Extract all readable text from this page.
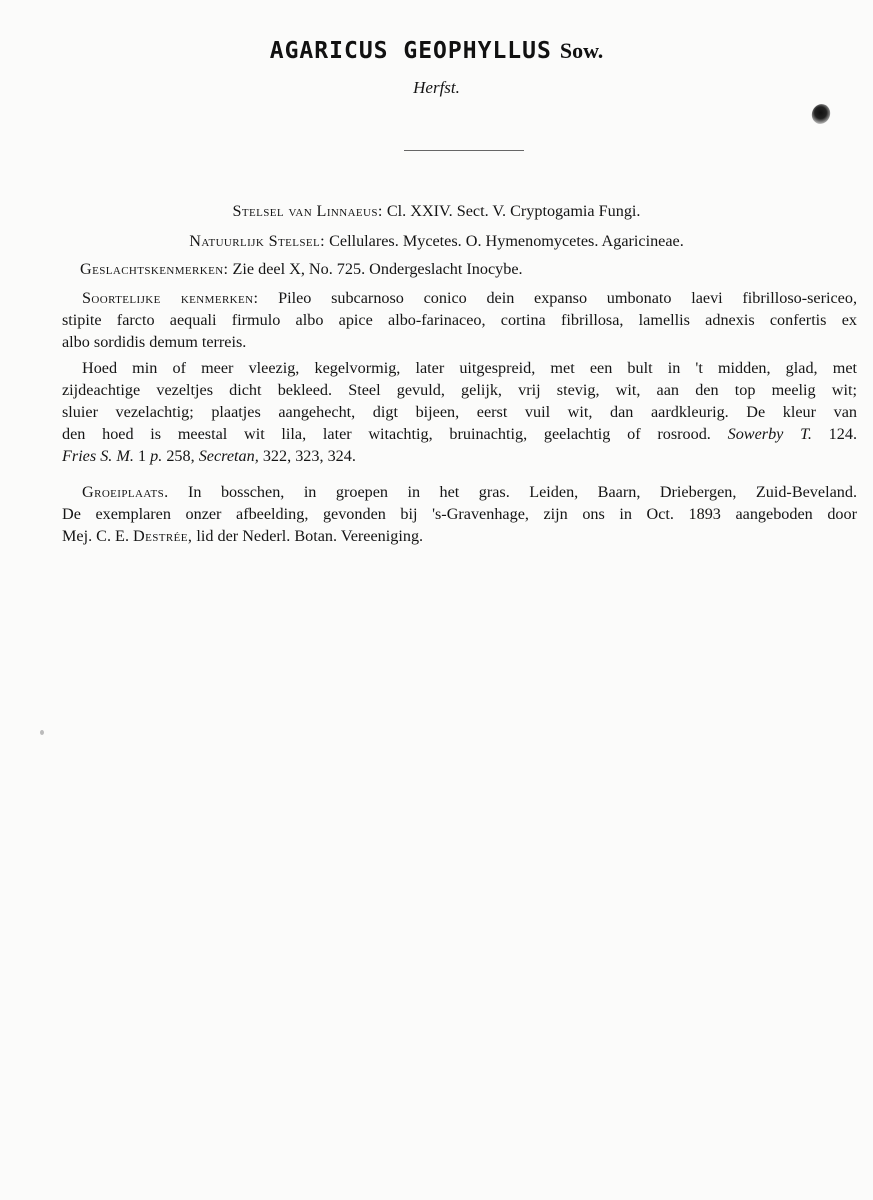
AGARICUS GEOPHYLLUS Sow.
Herfst.
Stelsel van Linnaeus: Cl. XXIV. Sect. V. Cryptogamia Fungi.
Natuurlijk Stelsel: Cellulares. Mycetes. O. Hymenomycetes. Agaricineae.
Geslachtskenmerken: Zie deel X, No. 725. Ondergeslacht Inocybe.
Soortelijke kenmerken: Pileo subcarnoso conico dein expanso umbonato laevi fibrilloso-sericeo,
stipite farcto aequali firmulo albo apice albo-farinaceo, cortina fibrillosa, lamellis adnexis confertis ex
albo sordidis demum terreis.
Hoed min of meer vleezig, kegelvormig, later uitgespreid, met een bult in 't midden, glad, met
zijdeachtige vezeltjes dicht bekleed. Steel gevuld, gelijk, vrij stevig, wit, aan den top meelig wit;
sluier vezelachtig; plaatjes aangehecht, digt bijeen, eerst vuil wit, dan aardkleurig. De kleur van
den hoed is meestal wit lila, later witachtig, bruinachtig, geelachtig of rosrood. Sowerby T. 124.
Fries S. M. 1 p. 258, Secretan, 322, 323, 324.
Groeiplaats. In bosschen, in groepen in het gras. Leiden, Baarn, Driebergen, Zuid-Beveland.
De exemplaren onzer afbeelding, gevonden bij 's-Gravenhage, zijn ons in Oct. 1893 aangeboden door
Mej. C. E. Destrée, lid der Nederl. Botan. Vereeniging.
